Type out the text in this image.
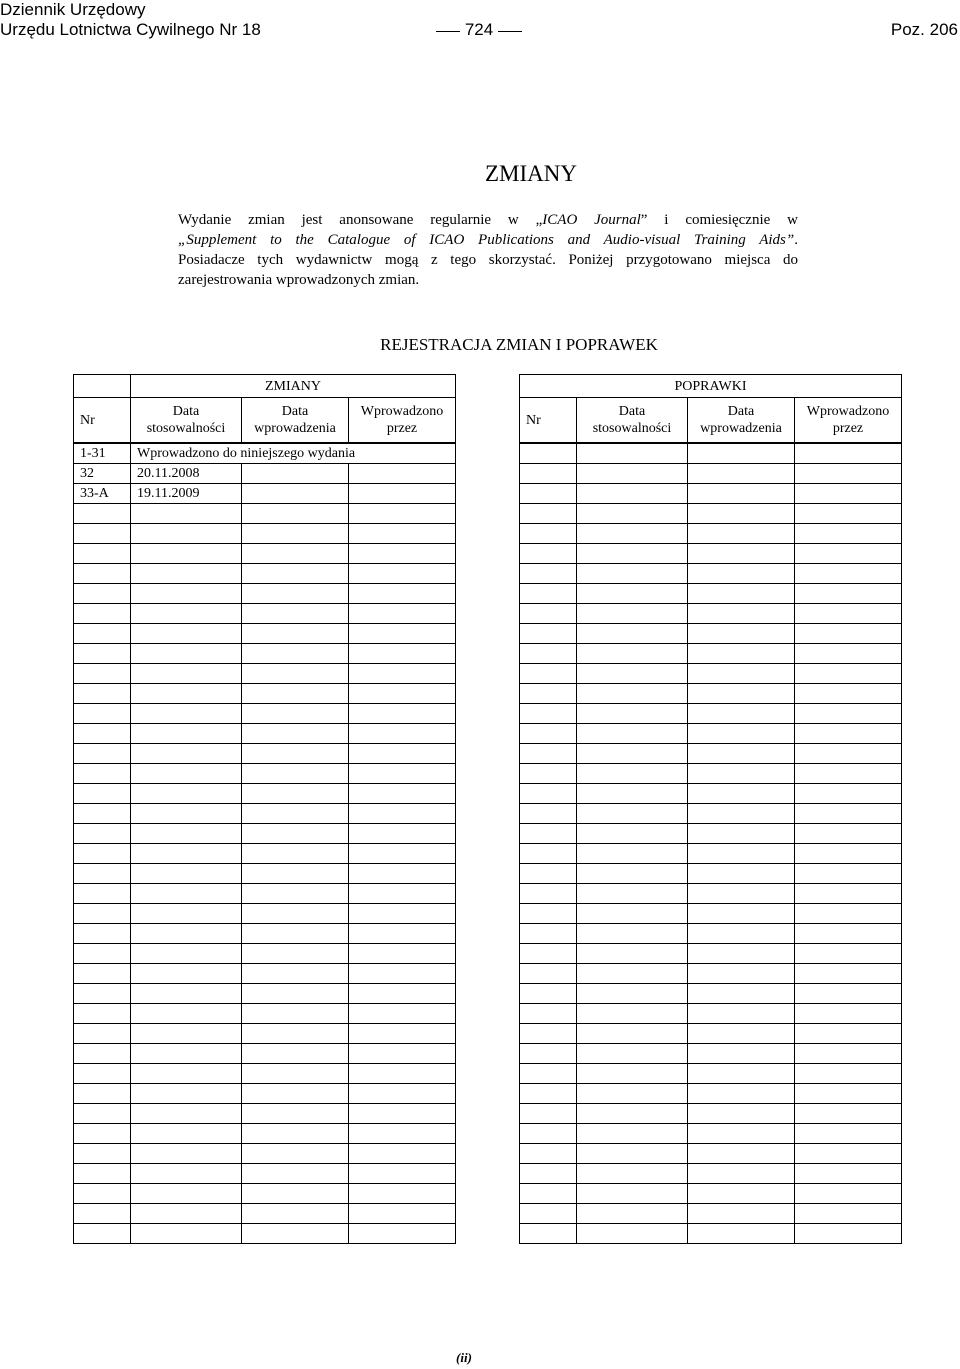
Dziennik Urzędowy
Urzędu Lotnictwa Cywilnego Nr 18	724	Poz. 206
ZMIANY
Wydanie zmian jest anonsowane regularnie w „ICAO Journal” i comiesięcznie w
„Supplement to the Catalogue of ICAO Publications and Audio-visual Training Aids”.
Posiadacze tych wydawnictw mogą z tego skorzystać. Poniżej przygotowano miejsca do
zarejestrowania wprowadzonych zmian.
REJESTRACJA ZMIAN I POPRAWEK
	ZMIANY		
Nr	Data stosowalności	Data wprowadzenia	Wprowadzono przez
1-31	Wprowadzono do niniejszego wydania		
32	20.11.2008		
33-A	19.11.2009		

POPRAWKI			
Nr	Data stosowalności	Data wprowadzenia	Wprowadzono przez

(ii)
